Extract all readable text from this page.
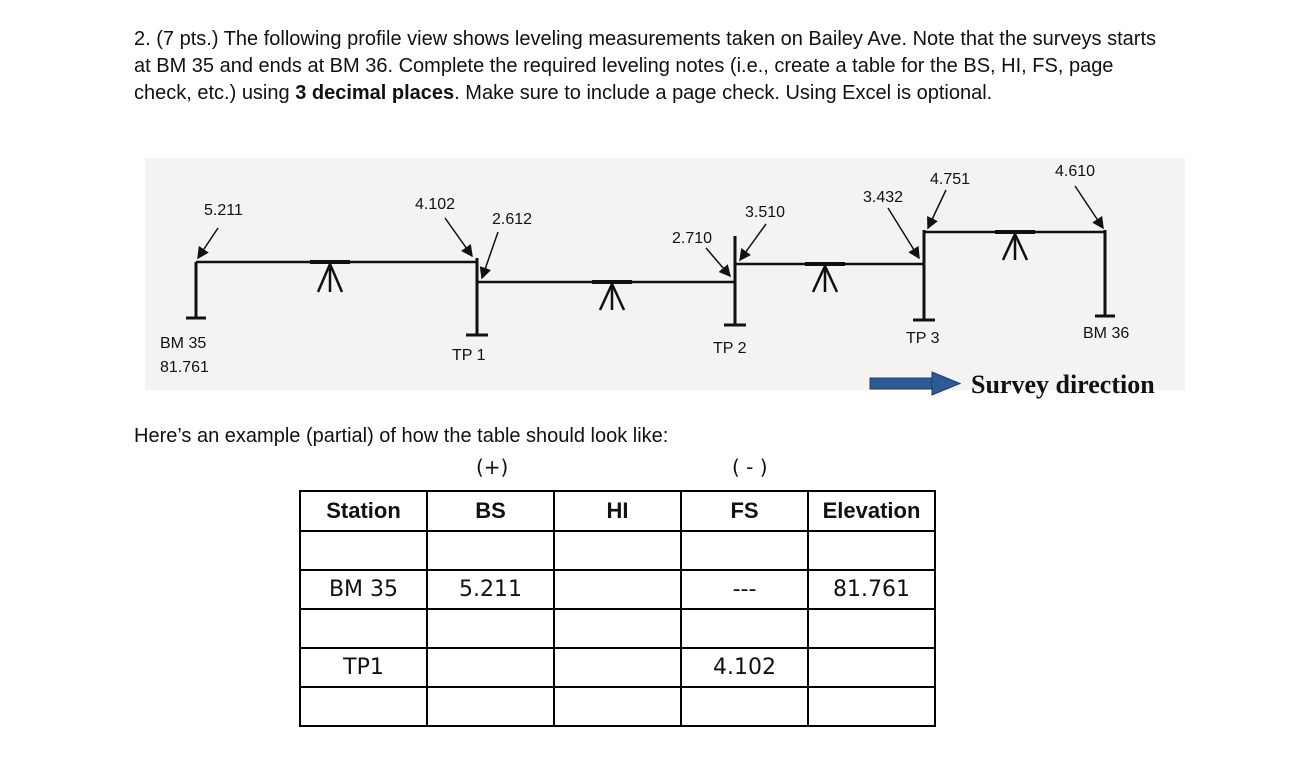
2. (7 pts.) The following profile view shows leveling measurements taken on Bailey Ave. Note that the surveys starts at BM 35 and ends at BM 36. Complete the required leveling notes (i.e., create a table for the BS, HI, FS, page check, etc.) using 3 decimal places. Make sure to include a page check. Using Excel is optional.

5.211	4.102
2.612
2.710
3.510
3.432
4.751	4.610
BM 35
81.761
TP 1	TP 2
TP 3	BM 36
Survey direction

Here’s an example (partial) of how the table should look like:

(+)	( - )
Station	BS	HI	FS	Elevation

BM 35	5.211		---	81.761

TP1			4.102	
